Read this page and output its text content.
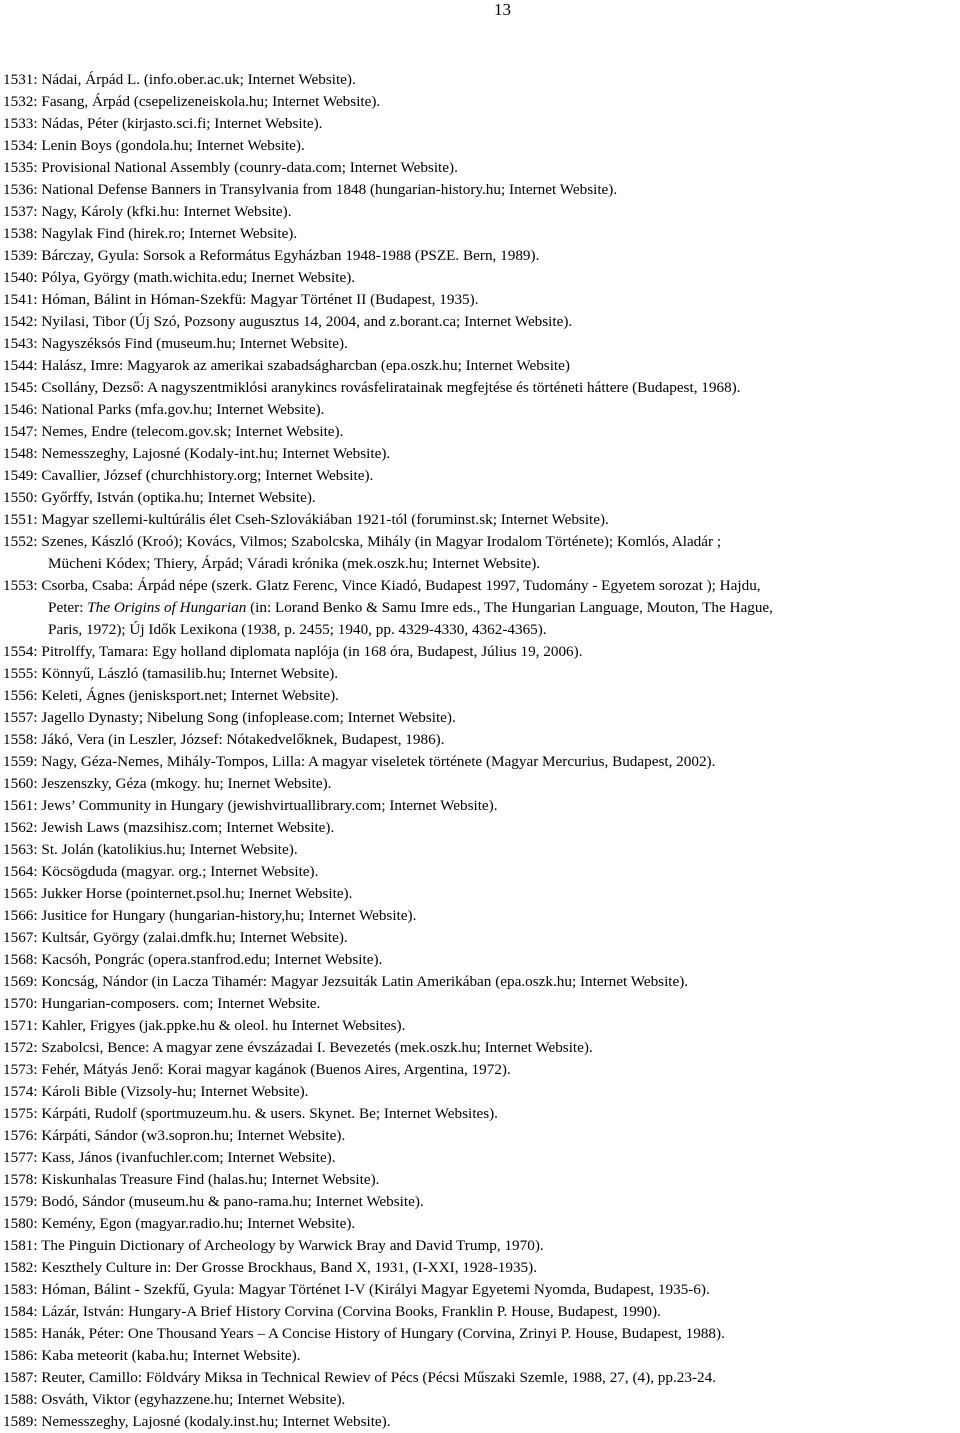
13
1531: Nádai, Árpád L. (info.ober.ac.uk; Internet Website).
1532: Fasang, Árpád (csepelizeneiskola.hu; Internet Website).
1533: Nádas, Péter (kirjasto.sci.fi; Internet Website).
1534: Lenin Boys (gondola.hu; Internet Website).
1535: Provisional National Assembly (counry-data.com; Internet Website).
1536: National Defense Banners in Transylvania from 1848 (hungarian-history.hu; Internet Website).
1537: Nagy, Károly (kfki.hu: Internet Website).
1538: Nagylak Find (hirek.ro; Internet Website).
1539: Bárczay, Gyula: Sorsok a Református Egyházban 1948-1988 (PSZE. Bern, 1989).
1540: Pólya, György (math.wichita.edu; Inernet Website).
1541: Hóman, Bálint in Hóman-Szekfü: Magyar Történet II (Budapest, 1935).
1542: Nyilasi, Tibor (Új Szó, Pozsony augusztus 14, 2004, and z.borant.ca; Internet Website).
1543: Nagyszéksós Find (museum.hu; Internet Website).
1544: Halász, Imre: Magyarok az amerikai szabadságharcban (epa.oszk.hu; Internet Website)
1545: Csollány, Dezső: A nagyszentmiklósi aranykincs rovásfeliratainak megfejtése és történeti háttere (Budapest, 1968).
1546: National Parks (mfa.gov.hu; Internet Website).
1547: Nemes, Endre (telecom.gov.sk; Internet Website).
1548: Nemesszeghy, Lajosné (Kodaly-int.hu; Internet Website).
1549: Cavallier, József (churchhistory.org; Internet Website).
1550: Győrffy, István (optika.hu; Internet Website).
1551: Magyar szellemi-kultúrális élet Cseh-Szlovákiában 1921-tól (foruminst.sk; Internet Website).
1552: Szenes, Kászló (Kroó); Kovács, Vilmos; Szabolcska, Mihály (in Magyar Irodalom Története); Komlós, Aladár ;
Mücheni Kódex; Thiery, Árpád; Váradi krónika (mek.oszk.hu; Internet Website).
1553: Csorba, Csaba: Árpád népe (szerk. Glatz Ferenc, Vince Kiadó, Budapest 1997, Tudomány - Egyetem sorozat ); Hajdu,
Peter: The Origins of Hungarian (in: Lorand Benko & Samu Imre eds., The Hungarian Language, Mouton, The Hague,
Paris, 1972); Új Idők Lexikona (1938, p. 2455; 1940, pp. 4329-4330, 4362-4365).
1554: Pitrolffy, Tamara: Egy holland diplomata naplója (in 168 óra, Budapest, Július 19, 2006).
1555: Könnyű, László (tamasilib.hu; Internet Website).
1556: Keleti, Ágnes (jenisksport.net; Internet Website).
1557: Jagello Dynasty; Nibelung Song (infoplease.com; Internet Website).
1558: Jákó, Vera (in Leszler, József: Nótakedvelőknek, Budapest, 1986).
1559: Nagy, Géza-Nemes, Mihály-Tompos, Lilla: A magyar viseletek története (Magyar Mercurius, Budapest, 2002).
1560: Jeszenszky, Géza (mkogy. hu; Inernet Website).
1561: Jews’ Community in Hungary (jewishvirtuallibrary.com; Internet Website).
1562: Jewish Laws (mazsihisz.com; Internet Website).
1563: St. Jolán (katolikius.hu; Internet Website).
1564: Köcsögduda (magyar. org.; Internet Website).
1565: Jukker Horse (pointernet.psol.hu; Inernet Website).
1566: Jusitice for Hungary (hungarian-history,hu; Internet Website).
1567: Kultsár, György (zalai.dmfk.hu; Internet Website).
1568: Kacsóh, Pongrác (opera.stanfrod.edu; Internet Website).
1569: Koncság, Nándor (in Lacza Tihamér: Magyar Jezsuiták Latin Amerikában (epa.oszk.hu; Internet Website).
1570: Hungarian-composers. com; Internet Website.
1571: Kahler, Frigyes (jak.ppke.hu & oleol. hu Internet Websites).
1572: Szabolcsi, Bence: A magyar zene évszázadai I. Bevezetés (mek.oszk.hu; Internet Website).
1573: Fehér, Mátyás Jenő: Korai magyar kagánok (Buenos Aires, Argentina, 1972).
1574: Károli Bible (Vizsoly-hu; Internet Website).
1575: Kárpáti, Rudolf (sportmuzeum.hu. & users. Skynet. Be; Internet Websites).
1576: Kárpáti, Sándor (w3.sopron.hu; Internet Website).
1577: Kass, János (ivanfuchler.com; Internet Website).
1578: Kiskunhalas Treasure Find (halas.hu; Internet Website).
1579: Bodó, Sándor (museum.hu & pano-rama.hu; Internet Website).
1580: Kemény, Egon (magyar.radio.hu; Internet Website).
1581: The Pinguin Dictionary of Archeology by Warwick Bray and David Trump, 1970).
1582: Keszthely Culture in: Der Grosse Brockhaus, Band X, 1931, (I-XXI, 1928-1935).
1583: Hóman, Bálint - Szekfű, Gyula: Magyar Történet I-V (Királyi Magyar Egyetemi Nyomda, Budapest, 1935-6).
1584: Lázár, István: Hungary-A Brief History Corvina (Corvina Books, Franklin P. House, Budapest, 1990).
1585: Hanák, Péter: One Thousand Years – A Concise History of Hungary (Corvina, Zrinyi P. House, Budapest, 1988).
1586: Kaba meteorit (kaba.hu; Internet Website).
1587: Reuter, Camillo: Földváry Miksa in Technical Rewiev of Pécs (Pécsi Műszaki Szemle, 1988, 27, (4), pp.23-24.
1588: Osváth, Viktor (egyhazzene.hu; Internet Website).
1589: Nemesszeghy, Lajosné (kodaly.inst.hu; Internet Website).
